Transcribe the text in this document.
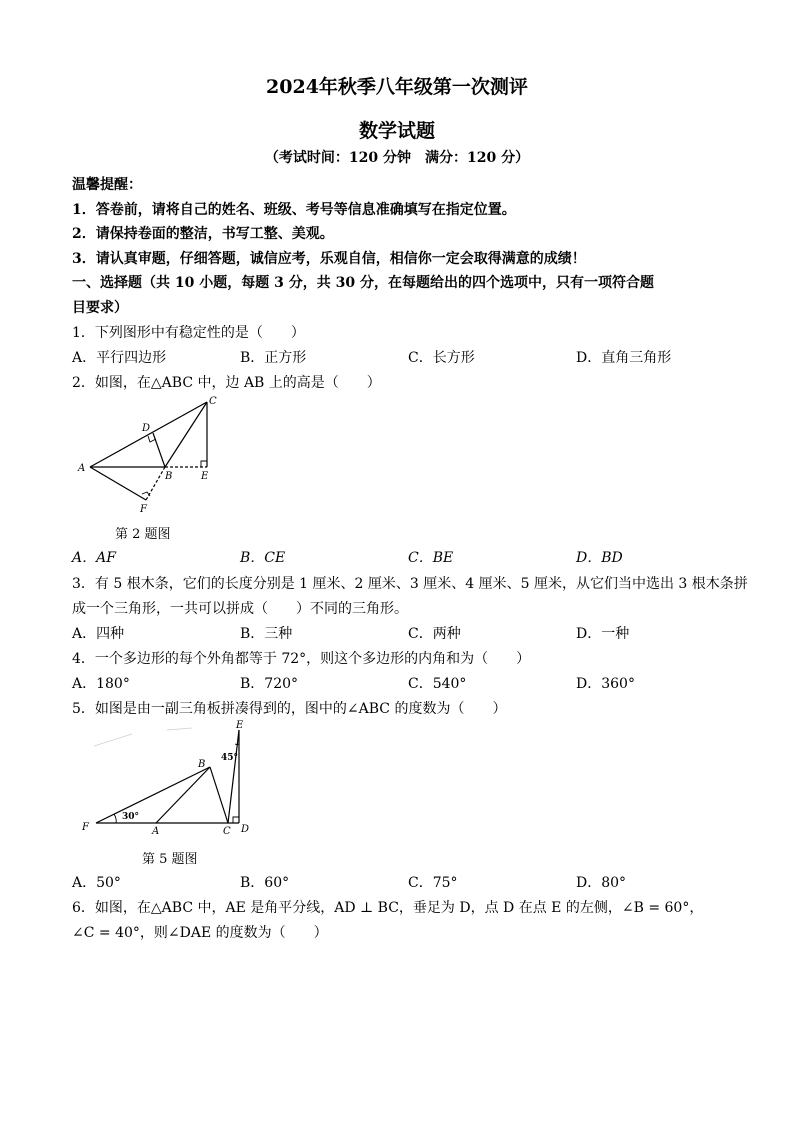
2024年秋季八年级第一次测评
数学试题
（考试时间：120 分钟　满分：120 分）
温馨提醒：
1．答卷前，请将自己的姓名、班级、考号等信息准确填写在指定位置。
2．请保持卷面的整洁，书写工整、美观。
3．请认真审题，仔细答题，诚信应考，乐观自信，相信你一定会取得满意的成绩！
一、选择题（共 10 小题，每题 3 分，共 30 分，在每题给出的四个选项中，只有一项符合题
目要求）
1．下列图形中有稳定性的是（　　）
A．平行四边形	B．正方形	C．长方形	D．直角三角形
2．如图，在△ABC 中，边 AB 上的高是（　　）
C
D
A
B	E
F
第 2 题图
A．AF	B．CE	C．BE	D．BD
3．有 5 根木条，它们的长度分别是 1 厘米、2 厘米、3 厘米、4 厘米、5 厘米，从它们当中选出 3 根木条拼
成一个三角形，一共可以拼成（　　）不同的三角形。
A．四种	B．三种	C．两种	D．一种
4．一个多边形的每个外角都等于 72°，则这个多边形的内角和为（　　）
A．180°	B．720°	C．540°	D．360°
5．如图是由一副三角板拼凑得到的，图中的∠ABC 的度数为（　　）
E
B
45°
30°
F	A	C D
第 5 题图
A．50°	B．60°	C．75°	D．80°
6．如图，在△ABC 中，AE 是角平分线，AD ⊥ BC，垂足为 D，点 D 在点 E 的左侧，∠B = 60°，
∠C = 40°，则∠DAE 的度数为（　　）
